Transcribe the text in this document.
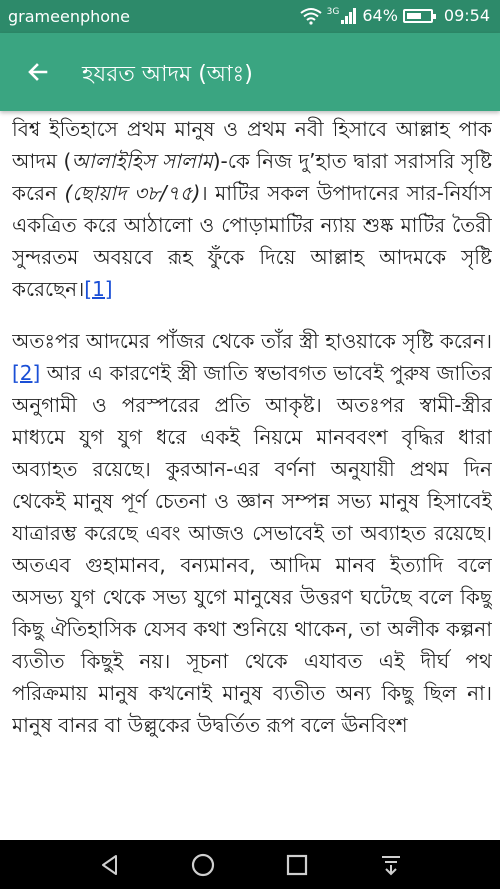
grameenphone	3G 64%	09:54
হযরত আদম (আঃ)

বিশ্ব ইতিহাসে প্রথম মানুষ ও প্রথম নবী হিসাবে আল্লাহ পাক আদম (আলাইহিস সালাম)-কে নিজ দু’হাত দ্বারা সরাসরি সৃষ্টি করেন (ছোয়াদ ৩৮/৭৫)। মাটির সকল উপাদানের সার-নির্যাস একত্রিত করে আঠালো ও পোড়ামাটির ন্যায় শুষ্ক মাটির তৈরী সুন্দরতম অবয়বে রূহ ফুঁকে দিয়ে আল্লাহ আদমকে সৃষ্টি করেছেন।[1]

অতঃপর আদমের পাঁজর থেকে তাঁর স্ত্রী হাওয়াকে সৃষ্টি করেন।[2] আর এ কারণেই স্ত্রী জাতি স্বভাবগত ভাবেই পুরুষ জাতির অনুগামী ও পরস্পরের প্রতি আকৃষ্ট। অতঃপর স্বামী-স্ত্রীর মাধ্যমে যুগ যুগ ধরে একই নিয়মে মানববংশ বৃদ্ধির ধারা অব্যাহত রয়েছে। কুরআন-এর বর্ণনা অনুযায়ী প্রথম দিন থেকেই মানুষ পূর্ণ চেতনা ও জ্ঞান সম্পন্ন সভ্য মানুষ হিসাবেই যাত্রারম্ভ করেছে এবং আজও সেভাবেই তা অব্যাহত রয়েছে। অতএব গুহামানব, বন্যমানব, আদিম মানব ইত্যাদি বলে অসভ্য যুগ থেকে সভ্য যুগে মানুষের উত্তরণ ঘটেছে বলে কিছু কিছু ঐতিহাসিক যেসব কথা শুনিয়ে থাকেন, তা অলীক কল্পনা ব্যতীত কিছুই নয়। সূচনা থেকে এযাবত এই দীর্ঘ পথ পরিক্রমায় মানুষ কখনোই মানুষ ব্যতীত অন্য কিছু ছিল না। মানুষ বানর বা উল্লুকের উদ্বর্তিত রূপ বলে ঊনবিংশ
